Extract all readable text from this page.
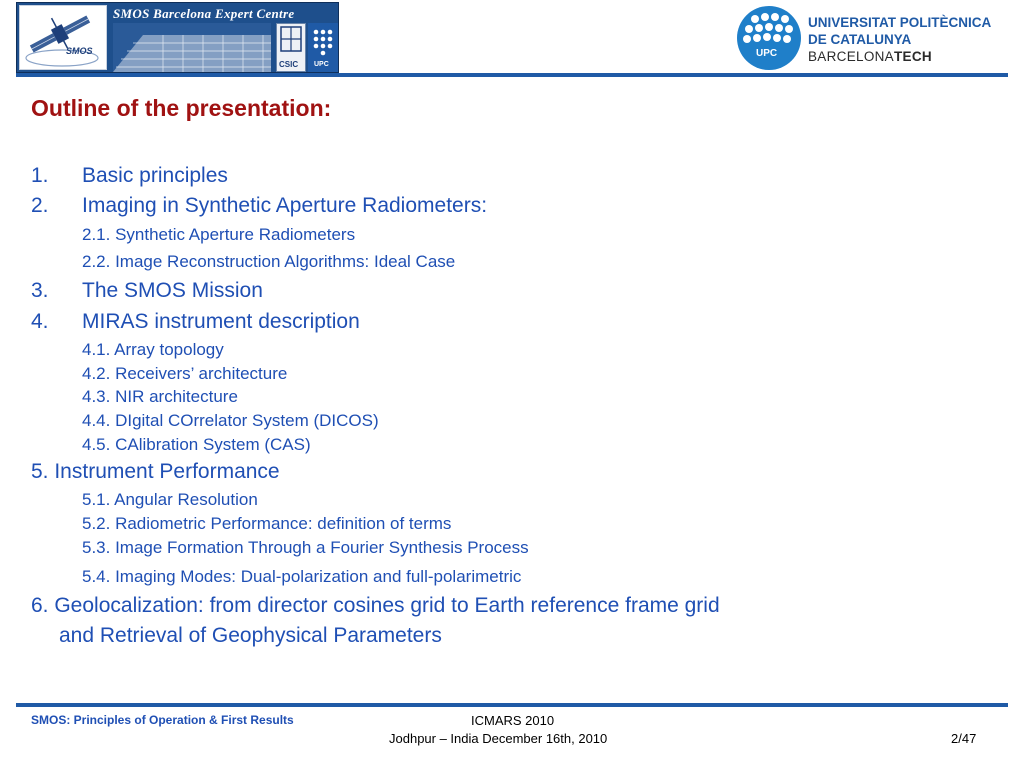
SMOS
SMOS Barcelona Expert Centre
CSIC UPC
UPC
UNIVERSITAT POLITÈCNICA
DE CATALUNYA
BARCELONATECH
Outline of the presentation:
1. Basic principles
2. Imaging in Synthetic Aperture Radiometers:
2.1. Synthetic Aperture Radiometers
2.2. Image Reconstruction Algorithms: Ideal Case
3. The SMOS Mission
4. MIRAS instrument description
4.1. Array topology
4.2. Receivers’ architecture
4.3. NIR architecture
4.4. DIgital COrrelator System (DICOS)
4.5. CAlibration System (CAS)
5. Instrument Performance
5.1. Angular Resolution
5.2. Radiometric Performance: definition of terms
5.3. Image Formation Through a Fourier Synthesis Process
5.4. Imaging Modes: Dual-polarization and full-polarimetric
6. Geolocalization: from director cosines grid to Earth reference frame grid
and Retrieval of Geophysical Parameters
SMOS: Principles of Operation & First Results	ICMARS 2010
Jodhpur – India December 16th, 2010	2/47
